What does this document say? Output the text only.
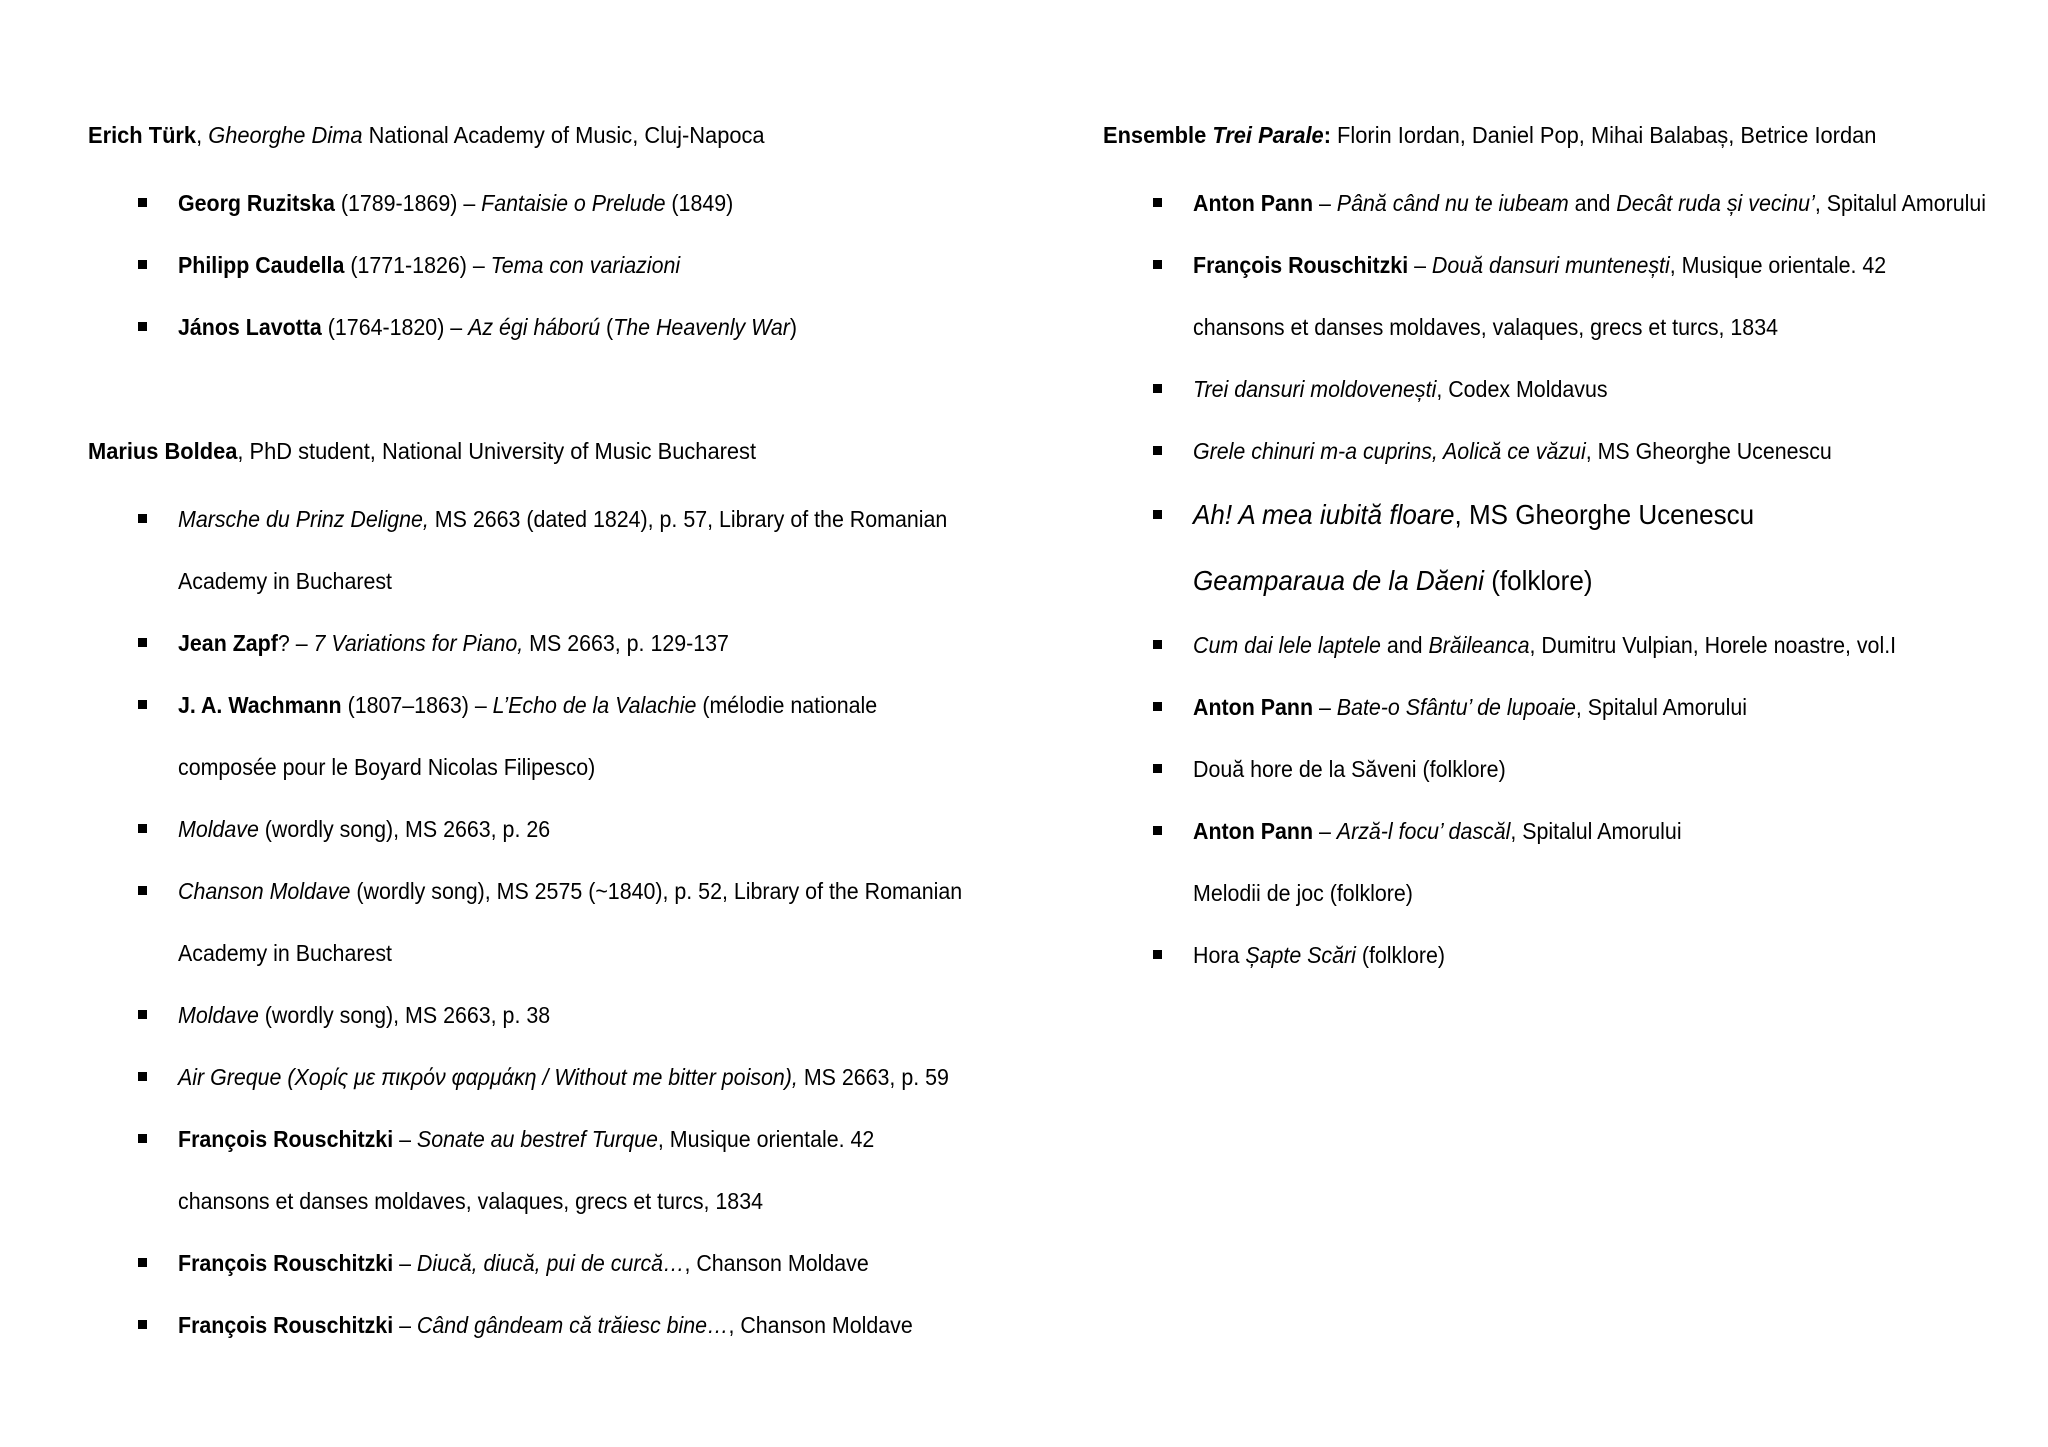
Erich Türk, Gheorghe Dima National Academy of Music, Cluj-Napoca
Georg Ruzitska (1789-1869) – Fantaisie o Prelude (1849)
Philipp Caudella (1771-1826) – Tema con variazioni
János Lavotta (1764-1820) – Az égi háború (The Heavenly War)
Marius Boldea, PhD student, National University of Music Bucharest
Marsche du Prinz Deligne, MS 2663 (dated 1824), p. 57, Library of the Romanian
Academy in Bucharest
Jean Zapf? – 7 Variations for Piano, MS 2663, p. 129-137
J. A. Wachmann (1807–1863) – L’Echo de la Valachie (mélodie nationale
composée pour le Boyard Nicolas Filipesco)
Moldave (wordly song), MS 2663, p. 26
Chanson Moldave (wordly song), MS 2575 (~1840), p. 52, Library of the Romanian
Academy in Bucharest
Moldave (wordly song), MS 2663, p. 38
Air Greque (Χορίς με πικρόν φαρμάκη / Without me bitter poison), MS 2663, p. 59
François Rouschitzki – Sonate au bestref Turque, Musique orientale. 42
chansons et danses moldaves, valaques, grecs et turcs, 1834
François Rouschitzki – Diucă, diucă, pui de curcă…, Chanson Moldave
François Rouschitzki – Când gândeam că trăiesc bine…, Chanson Moldave
Ensemble Trei Parale: Florin Iordan, Daniel Pop, Mihai Balabaș, Betrice Iordan
Anton Pann – Până când nu te iubeam and Decât ruda și vecinu’, Spitalul Amorului
François Rouschitzki – Două dansuri muntenești, Musique orientale. 42
chansons et danses moldaves, valaques, grecs et turcs, 1834
Trei dansuri moldovenești, Codex Moldavus
Grele chinuri m-a cuprins, Aolică ce văzui, MS Gheorghe Ucenescu
Ah! A mea iubită floare, MS Gheorghe Ucenescu
Geamparaua de la Dăeni (folklore)
Cum dai lele laptele and Brăileanca, Dumitru Vulpian, Horele noastre, vol.I
Anton Pann – Bate-o Sfântu’ de lupoaie, Spitalul Amorului
Două hore de la Săveni (folklore)
Anton Pann – Arză-l focu’ dascăl, Spitalul Amorului
Melodii de joc (folklore)
Hora Șapte Scări (folklore)
